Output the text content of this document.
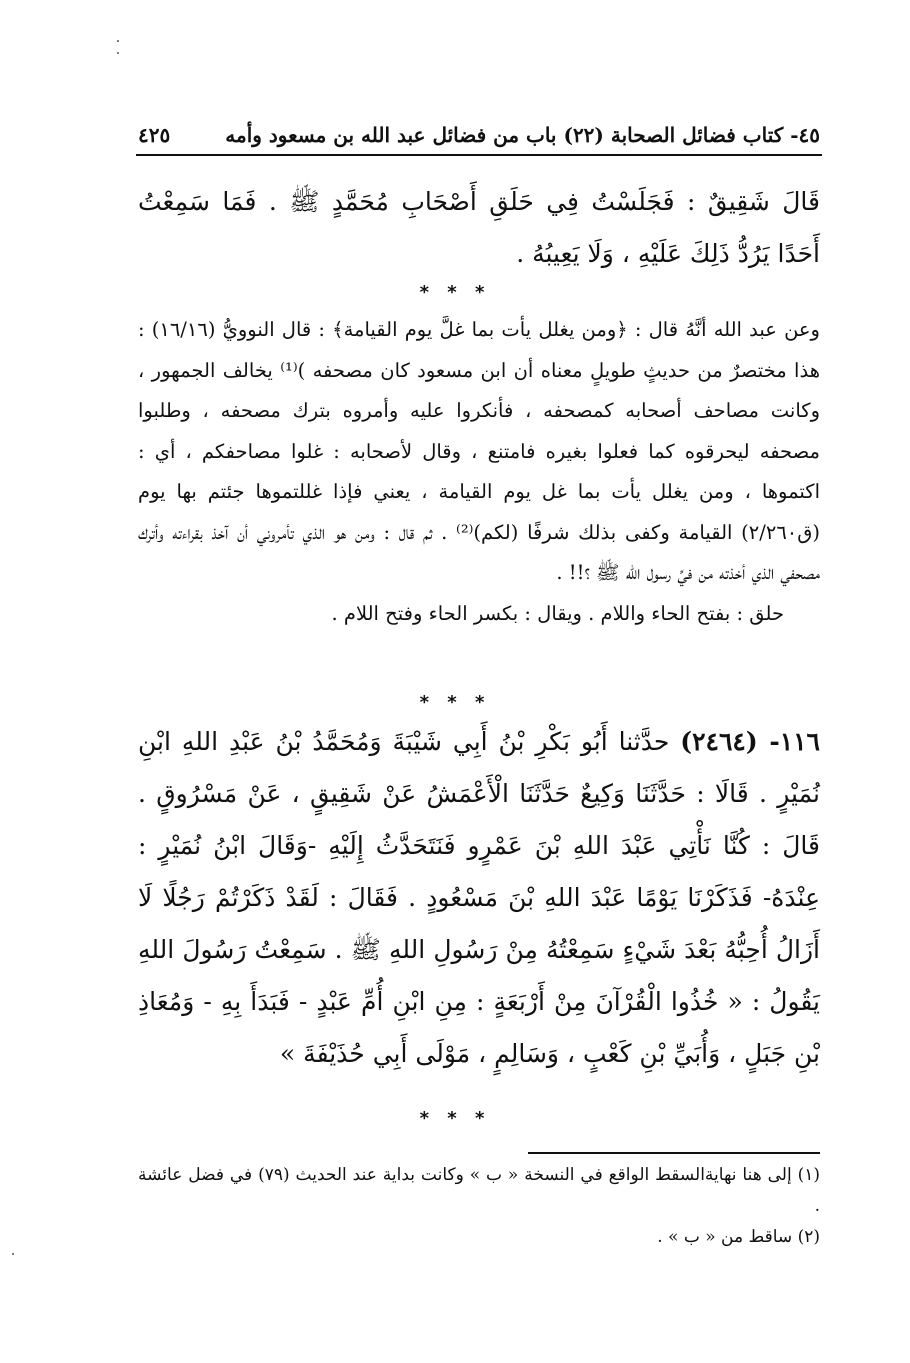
٤٥- كتاب فضائل الصحابة (٢٢) باب من فضائل عبد الله بن مسعود وأمه
٤٢٥

قَالَ شَقِيقٌ : فَجَلَسْتُ فِي حَلَقِ أَصْحَابِ مُحَمَّدٍ ﷺ . فَمَا سَمِعْتُ أَحَدًا يَرُدُّ ذَلِكَ عَلَيْهِ ، وَلَا يَعِيبُهُ .

* * *

وعن عبد الله أنَّهُ قال : ﴿ومن يغلل يأت بما غلَّ يوم القيامة﴾ : قال النوويُّ (١٦/١٦) : هذا مختصرٌ من حديثٍ طويلٍ معناه أن ابن مسعود كان مصحفه )⁽¹⁾ يخالف الجمهور ، وكانت مصاحف أصحابه كمصحفه ، فأنكروا عليه وأمروه بترك مصحفه ، وطلبوا مصحفه ليحرقوه كما فعلوا بغيره فامتنع ، وقال لأصحابه : غلوا مصاحفكم ، أي : اكتموها ، ومن يغلل يأت بما غل يوم القيامة ، يعني فإذا غللتموها جئتم بها يوم (ق٢/٢٦٠) القيامة وكفى بذلك شرفًا (لكم)⁽²⁾ . ثم قال : ومن هو الذي تأمروني أن آخذ بقراءته وأترك مصحفي الذي أخذته من فيِّ رسول الله ﷺ ؟!! .

حلق : بفتح الحاء واللام . ويقال : بكسر الحاء وفتح اللام .

* * *

١١٦- (٢٤٦٤) حدَّثنا أَبُو بَكْرِ بْنُ أَبِي شَيْبَةَ وَمُحَمَّدُ بْنُ عَبْدِ اللهِ ابْنِ نُمَيْرٍ . قَالَا : حَدَّثَنَا وَكِيعٌ حَدَّثَنَا الْأَعْمَشُ عَنْ شَقِيقٍ ، عَنْ مَسْرُوقٍ . قَالَ : كُنَّا نَأْتِي عَبْدَ اللهِ بْنَ عَمْرٍو فَنَتَحَدَّثُ إِلَيْهِ -وَقَالَ ابْنُ نُمَيْرٍ : عِنْدَهُ- فَذَكَرْنَا يَوْمًا عَبْدَ اللهِ بْنَ مَسْعُودٍ . فَقَالَ : لَقَدْ ذَكَرْتُمْ رَجُلًا لَا أَزَالُ أُحِبُّهُ بَعْدَ شَيْءٍ سَمِعْتُهُ مِنْ رَسُولِ اللهِ ﷺ . سَمِعْتُ رَسُولَ اللهِ يَقُولُ : « خُذُوا الْقُرْآنَ مِنْ أَرْبَعَةٍ : مِنِ ابْنِ أُمِّ عَبْدٍ - فَبَدَأَ بِهِ - وَمُعَاذِ بْنِ جَبَلٍ ، وَأُبَيِّ بْنِ كَعْبٍ ، وَسَالِمٍ ، مَوْلَى أَبِي حُذَيْفَةَ »

* * *

(١) إلى هنا نهايةالسقط الواقع في النسخة « ب » وكانت بداية عند الحديث (٧٩) في فضل عائشة .

(٢) ساقط من « ب » .
